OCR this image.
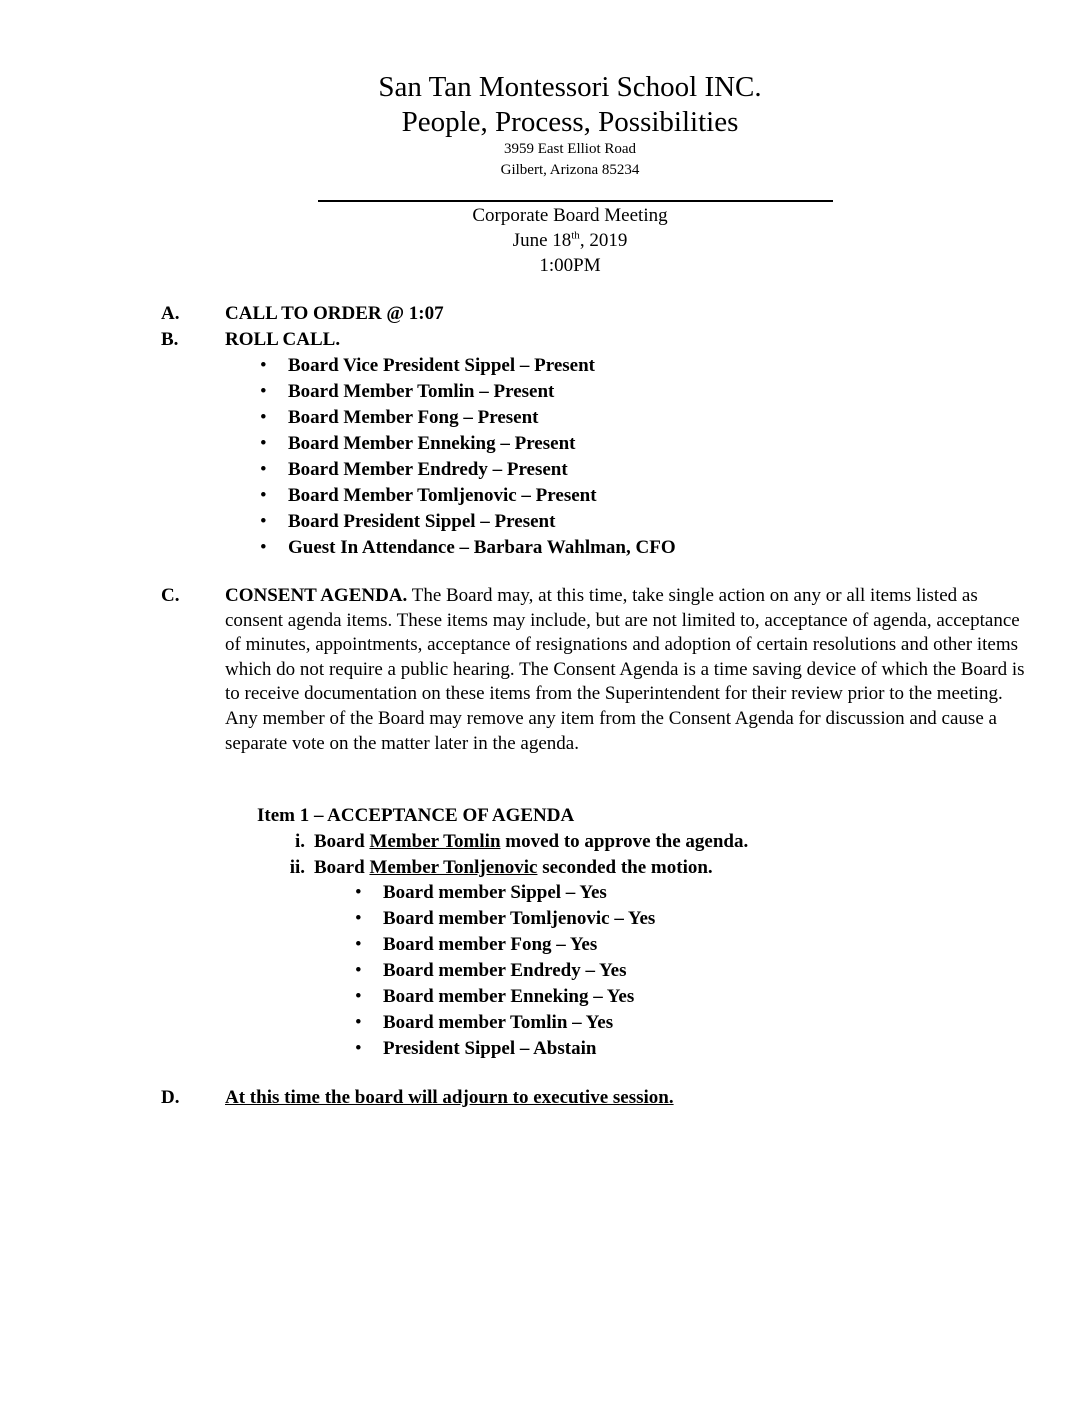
San Tan Montessori School INC.
People, Process, Possibilities
3959 East Elliot Road
Gilbert, Arizona 85234
Corporate Board Meeting
June 18th, 2019
1:00PM
A. CALL TO ORDER @ 1:07
B. ROLL CALL.
• Board Vice President Sippel – Present
• Board Member Tomlin – Present
• Board Member Fong – Present
• Board Member Enneking – Present
• Board Member Endredy – Present
• Board Member Tomljenovic – Present
• Board President Sippel – Present
• Guest In Attendance – Barbara Wahlman, CFO
C. CONSENT AGENDA. The Board may, at this time, take single action on any or all items listed as consent agenda items. These items may include, but are not limited to, acceptance of agenda, acceptance of minutes, appointments, acceptance of resignations and adoption of certain resolutions and other items which do not require a public hearing. The Consent Agenda is a time saving device of which the Board is to receive documentation on these items from the Superintendent for their review prior to the meeting. Any member of the Board may remove any item from the Consent Agenda for discussion and cause a separate vote on the matter later in the agenda.
Item 1 – ACCEPTANCE OF AGENDA
i. Board Member Tomlin moved to approve the agenda.
ii. Board Member Tonljenovic seconded the motion.
• Board member Sippel – Yes
• Board member Tomljenovic – Yes
• Board member Fong – Yes
• Board member Endredy – Yes
• Board member Enneking – Yes
• Board member Tomlin – Yes
• President Sippel – Abstain
D. At this time the board will adjourn to executive session.
